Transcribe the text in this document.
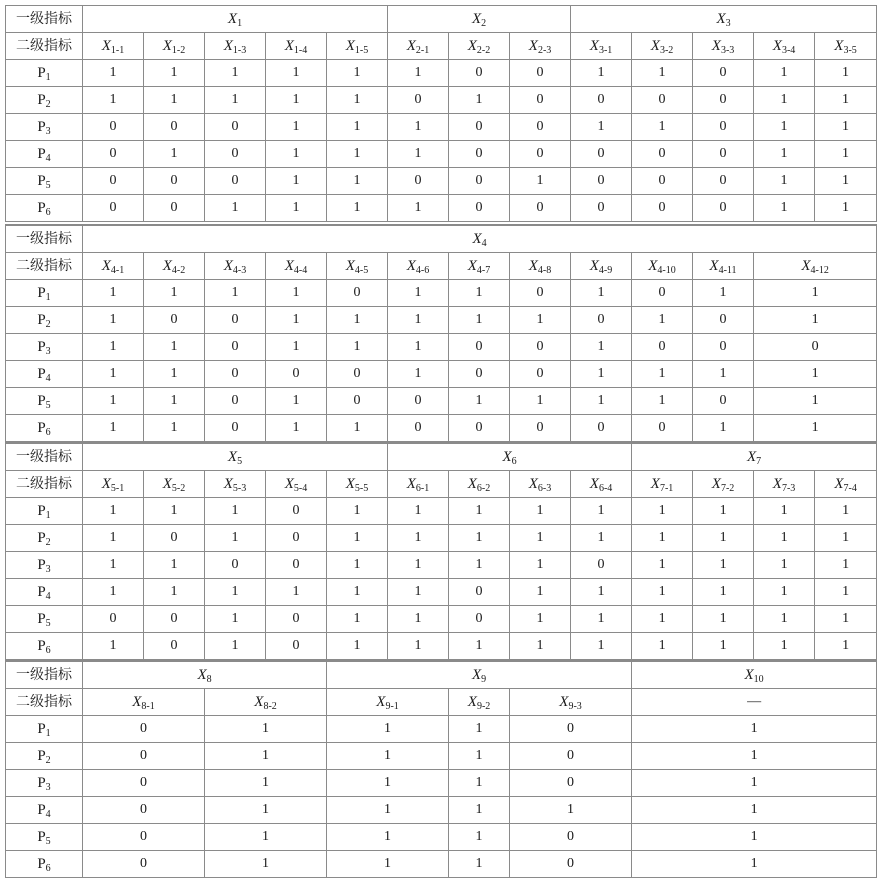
一级指标	$X_1$					$X_2$			$X_3$
二级指标	$X_{1-1}$	$X_{1-2}$	$X_{1-3}$	$X_{1-4}$	$X_{1-5}$	$X_{2-1}$	$X_{2-2}$	$X_{2-3}$	$X_{3-1}$	$X_{3-2}$	$X_{3-3}$	$X_{3-4}$	$X_{3-5}$
$P_1$	1	1	1	1	1	1	0	0	1	1	0	1	1
$P_2$	1	1	1	1	1	0	1	0	0	0	0	1	1
$P_3$	0	0	0	1	1	1	0	0	1	1	0	1	1
$P_4$	0	1	0	1	1	1	0	0	0	0	0	1	1
$P_5$	0	0	0	1	1	0	0	1	0	0	0	1	1
$P_6$	0	0	1	1	1	1	0	0	0	0	0	1	1
一级指标	$X_4$
二级指标	$X_{4-1}$	$X_{4-2}$	$X_{4-3}$	$X_{4-4}$	$X_{4-5}$	$X_{4-6}$	$X_{4-7}$	$X_{4-8}$	$X_{4-9}$	$X_{4-10}$	$X_{4-11}$	$X_{4-12}$
$P_1$	1	1	1	1	0	1	1	0	1	0	1	1
$P_2$	1	0	0	1	1	1	1	1	0	1	0	1
$P_3$	1	1	0	1	1	1	0	0	1	0	0	0
$P_4$	1	1	0	0	0	1	0	0	1	1	1	1
$P_5$	1	1	0	1	0	0	1	1	1	1	0	1
$P_6$	1	1	0	1	1	0	0	0	0	0	1	1
一级指标	$X_5$					$X_6$				$X_7$
二级指标	$X_{5-1}$	$X_{5-2}$	$X_{5-3}$	$X_{5-4}$	$X_{5-5}$	$X_{6-1}$	$X_{6-2}$	$X_{6-3}$	$X_{6-4}$	$X_{7-1}$	$X_{7-2}$	$X_{7-3}$	$X_{7-4}$
$P_1$	1	1	1	0	1	1	1	1	1	1	1	1	1
$P_2$	1	0	1	0	1	1	1	1	1	1	1	1	1
$P_3$	1	1	0	0	1	1	1	1	0	1	1	1	1
$P_4$	1	1	1	1	1	1	0	1	1	1	1	1	1
$P_5$	0	0	1	0	1	1	0	1	1	1	1	1	1
$P_6$	1	0	1	0	1	1	1	1	1	1	1	1	1
一级指标	$X_8$		$X_9$			$X_{10}$
二级指标	$X_{8-1}$	$X_{8-2}$	$X_{9-1}$	$X_{9-2}$	$X_{9-3}$	—
$P_1$	0	1	1	1	0	1
$P_2$	0	1	1	1	0	1
$P_3$	0	1	1	1	0	1
$P_4$	0	1	1	1	1	1
$P_5$	0	1	1	1	0	1
$P_6$	0	1	1	1	0	1
